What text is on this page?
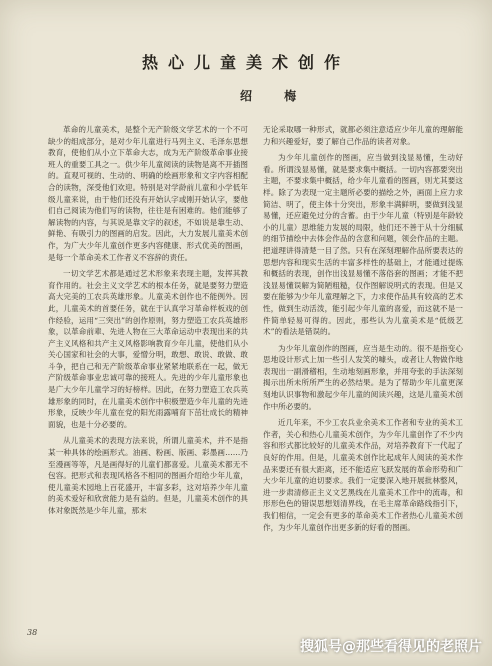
热心儿童美术创作
绍 梅

革命的儿童美术，是整个无产阶级文学艺术的一个不可缺少的组成部分，是对少年儿童进行马列主义、毛泽东思想教育，使他们从小立下革命大志，成为无产阶级革命事业接班人的重要工具之一。供少年儿童阅读的读物是离不开插图的。直观可视的、生动的、明确的绘画形象和文字内容相配合的读物，深受他们欢迎。特别是对学龄前儿童和小学低年级儿童来说，由于他们还没有开始认字或刚开始认字，要他们自己阅读为他们写的读物，往往是有困难的。他们能够了解读物的内容，与其说是靠文字的叙述，不如说是靠生动、鲜艳、有吸引力的图画的启发。因此，大力发展儿童美术创作，为广大少年儿童创作更多内容健康、形式优美的图画，是每一个革命美术工作者义不容辞的责任。

一切文学艺术都是通过艺术形象来表现主题，发挥其教育作用的。社会主义文学艺术的根本任务，就是要努力塑造高大完美的工农兵英雄形象。儿童美术创作也不能例外。因此，儿童美术的首要任务，就在于认真学习革命样板戏的创作经验，运用“三突出”的创作原则，努力塑造工农兵英雄形象，以革命前辈、先进人物在三大革命运动中表现出来的共产主义风格和共产主义风格影响教育少年儿童，使他们从小关心国家和社会的大事，爱憎分明，敢想、敢说、敢做、敢斗争，把自己和无产阶级革命事业紧紧地联系在一起，做无产阶级革命事业忠诚可靠的接班人。先进的少年儿童形象也是广大少年儿童学习的好榜样。因此，在努力塑造工农兵英雄形象的同时，在儿童美术创作中积极塑造少年儿童的先进形象，反映少年儿童在党的阳光雨露哺育下茁壮成长的精神面貌，也是十分必要的。

从儿童美术的表现方法来说，所谓儿童美术，并不是指某一种具体的绘画形式。油画、粉画、版画、彩墨画……乃至漫画等等，凡是画得好的儿童们都喜爱。儿童美术都无不包容。把形式和表现风格各不相同的图画介绍给少年儿童，使儿童美术园地上百花盛开，丰富多彩，这对培养少年儿童的美术爱好和欣赏能力是有益的。但是，儿童美术创作的具体对象既然是少年儿童，那末

无论采取哪一种形式，就都必须注意适应少年儿童的理解能力和兴趣爱好，要了解自己作品的读者对象。

为少年儿童创作的图画，应当做到浅显易懂，生动好看。所谓浅显易懂，就是要求集中概括。一切内容都要突出主题，不要求集中概括，给少年儿童看的图画，则尤其要这样。除了为表现一定主题所必要的描绘之外，画面上应力求简洁、明了，使主体十分突出，形象丰满鲜明，要做到浅显易懂，还应避免过分的含蓄。由于少年儿童（特别是年龄较小的儿童）思维能力发展的局限，他们还不善于从十分细腻的细节描绘中去体会作品的含意和问题，领会作品的主题。把道理讲得清楚一目了然。只有在深刻理解作品所要表达的思想内容和现实生活的丰富多样性的基础上，才能通过提炼和概括的表现，创作出浅显易懂不落俗套的图画；才能不把浅显易懂误解为简陋粗糙，仅作图解说明式的表现。但是又要在能够为少年儿童理解之下，力求使作品具有较高的艺术性，做到生动活泼，能引起少年儿童的喜爱，而这就不是一件简单轻易可得的。因此，那些认为儿童美术是“低级艺术”的看法是错误的。

为少年儿童创作的图画，应当是生动的。很不是指变心思地设计形式上加一些引人发笑的噱头，或者让人物做作地表现出一副滑稽相，生动地刻画形象，并用夸张的手法深刻揭示出所未所所严生的必然结果。是为了帮助少年儿童更深刻地认识事物和激起少年儿童的阅读兴趣，这是儿童美术创作中所必要的。

近几年来，不少工农兵业余美术工作者和专业的美术工作者，关心和热心儿童美术创作，为少年儿童创作了不少内容和形式都比较好的儿童美术作品，对培养教育下一代起了良好的作用。但是，儿童美术创作比起成年人阅读的美术作品来要还有很大距离，还不能适应飞跃发展的革命形势和广大少年儿童的迫切要求。我们一定要深入地开展批林整风，进一步肃清修正主义文艺黑线在儿童美术工作中的流毒，和形形色色的错误思想划清界线，在毛主席革命路线指引下，我们相信，一定会有更多的革命美术工作者热心儿童美术创作，为少年儿童创作出更多新的好看的图画。

38
搜狐号@那些看得见的老照片
